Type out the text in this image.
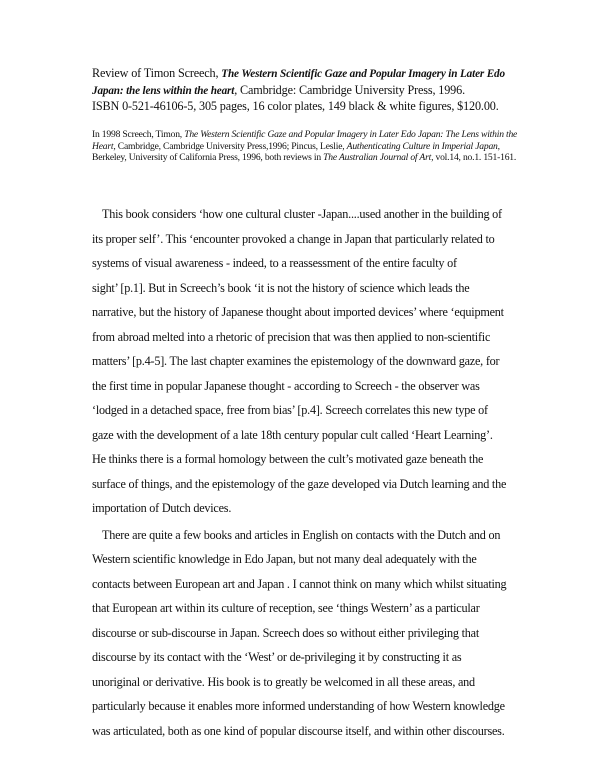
Review of Timon Screech, The Western Scientific Gaze and Popular Imagery in Later Edo Japan: the lens within the heart, Cambridge: Cambridge University Press, 1996.
ISBN 0-521-46106-5, 305 pages, 16 color plates, 149 black & white figures, $120.00.
In 1998 Screech, Timon, The Western Scientific Gaze and Popular Imagery in Later Edo Japan: The Lens within the Heart, Cambridge, Cambridge University Press,1996; Pincus, Leslie, Authenticating Culture in Imperial Japan, Berkeley, University of California Press, 1996, both reviews in The Australian Journal of Art, vol.14, no.1. 151-161.
This book considers ‘how one cultural cluster -Japan....used another in the building of
its proper self’. This ‘encounter provoked a change in Japan that particularly related to
systems of visual awareness - indeed, to a reassessment of the entire faculty of
sight’ [p.1]. But in Screech’s book ‘it is not the history of science which leads the
narrative, but the history of Japanese thought about imported devices’ where ‘equipment
from abroad melted into a rhetoric of precision that was then applied to non-scientific
matters’ [p.4-5]. The last chapter examines the epistemology of the downward gaze, for
the first time in popular Japanese thought - according to Screech - the observer was
‘lodged in a detached space, free from bias’ [p.4]. Screech correlates this new type of
gaze with the development of a late 18th century popular cult called ‘Heart Learning’.
He thinks there is a formal homology between the cult’s motivated gaze beneath the
surface of things, and the epistemology of the gaze developed via Dutch learning and the
importation of Dutch devices.
There are quite a few books and articles in English on contacts with the Dutch and on
Western scientific knowledge in Edo Japan, but not many deal adequately with the
contacts between European art and Japan . I cannot think on many which whilst situating
that European art within its culture of reception, see ‘things Western’ as a particular
discourse or sub-discourse in Japan. Screech does so without either privileging that
discourse by its contact with the ‘West’ or de-privileging it by constructing it as
unoriginal or derivative. His book is to greatly be welcomed in all these areas, and
particularly because it enables more informed understanding of how Western knowledge
was articulated, both as one kind of popular discourse itself, and within other discourses.
